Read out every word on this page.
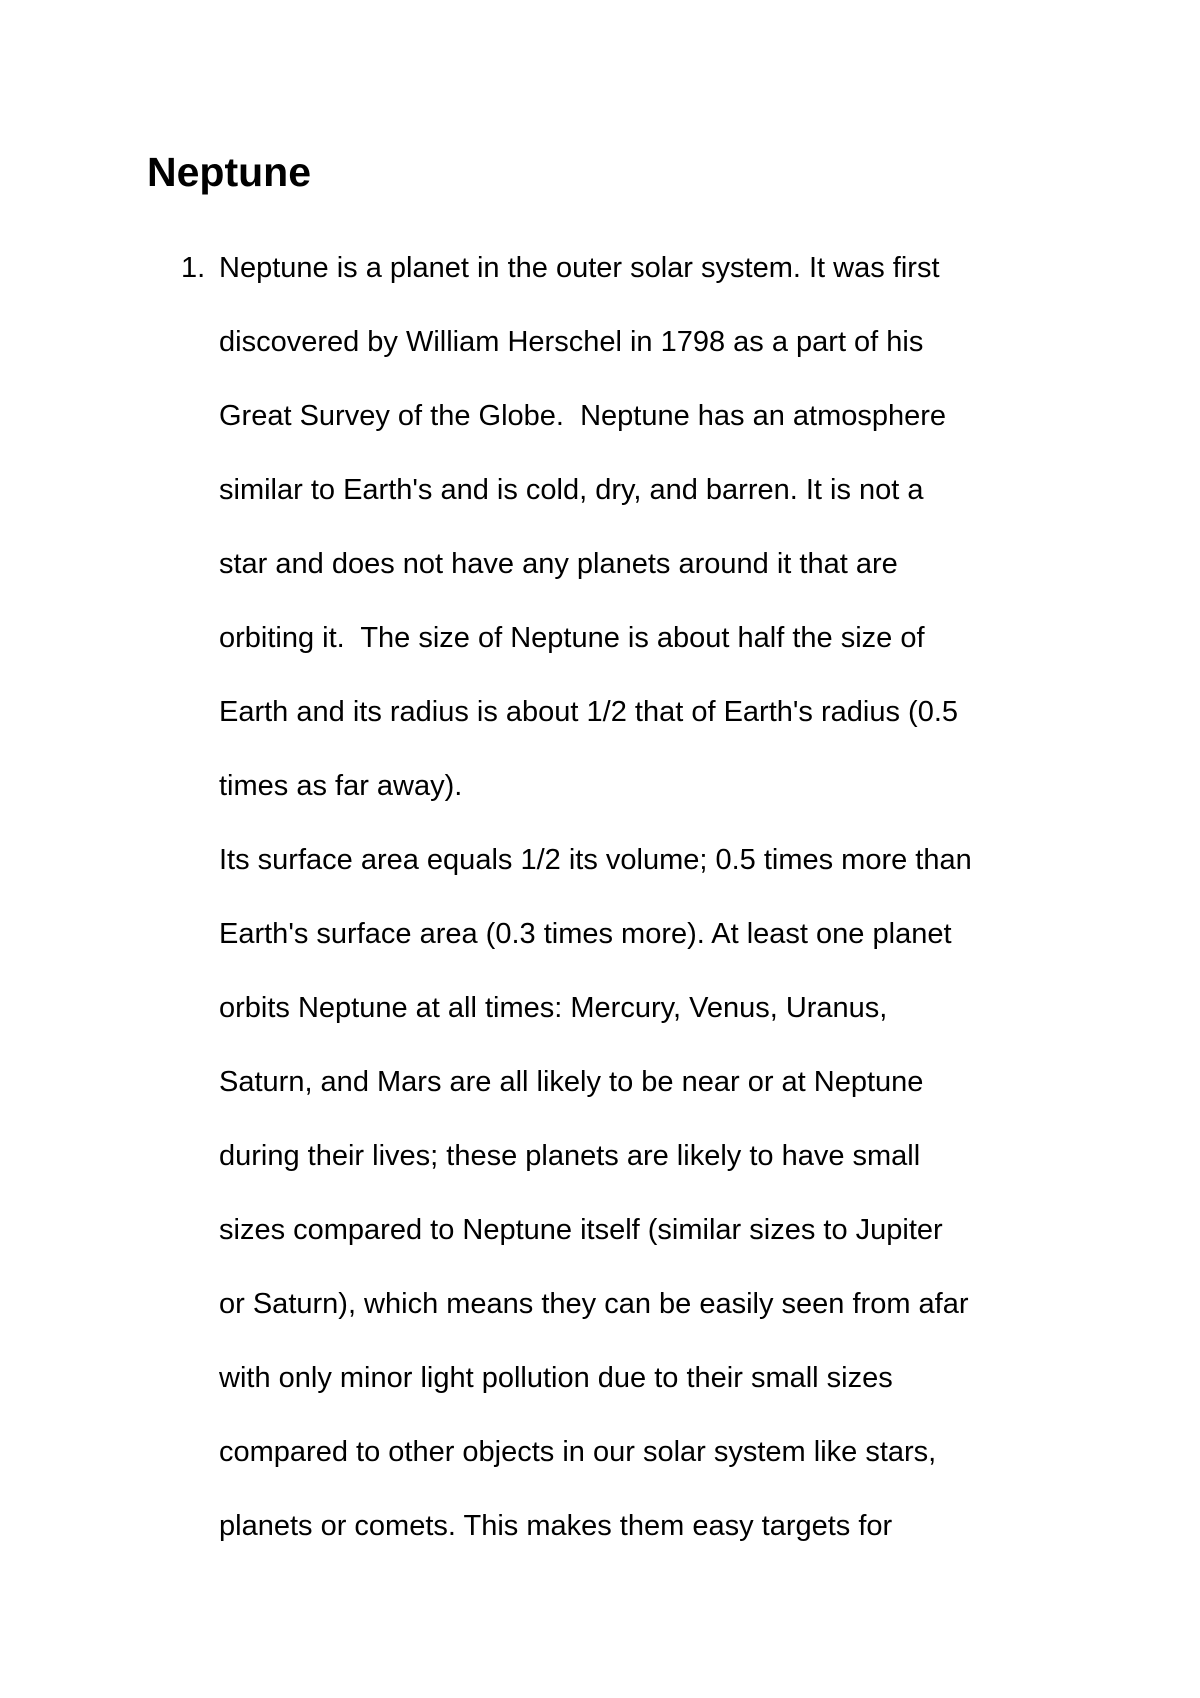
Neptune
1. Neptune is a planet in the outer solar system. It was first

discovered by William Herschel in 1798 as a part of his

Great Survey of the Globe.  Neptune has an atmosphere

similar to Earth's and is cold, dry, and barren. It is not a

star and does not have any planets around it that are

orbiting it.  The size of Neptune is about half the size of

Earth and its radius is about 1/2 that of Earth's radius (0.5

times as far away).

Its surface area equals 1/2 its volume; 0.5 times more than

Earth's surface area (0.3 times more). At least one planet

orbits Neptune at all times: Mercury, Venus, Uranus,

Saturn, and Mars are all likely to be near or at Neptune

during their lives; these planets are likely to have small

sizes compared to Neptune itself (similar sizes to Jupiter

or Saturn), which means they can be easily seen from afar

with only minor light pollution due to their small sizes

compared to other objects in our solar system like stars,

planets or comets. This makes them easy targets for
